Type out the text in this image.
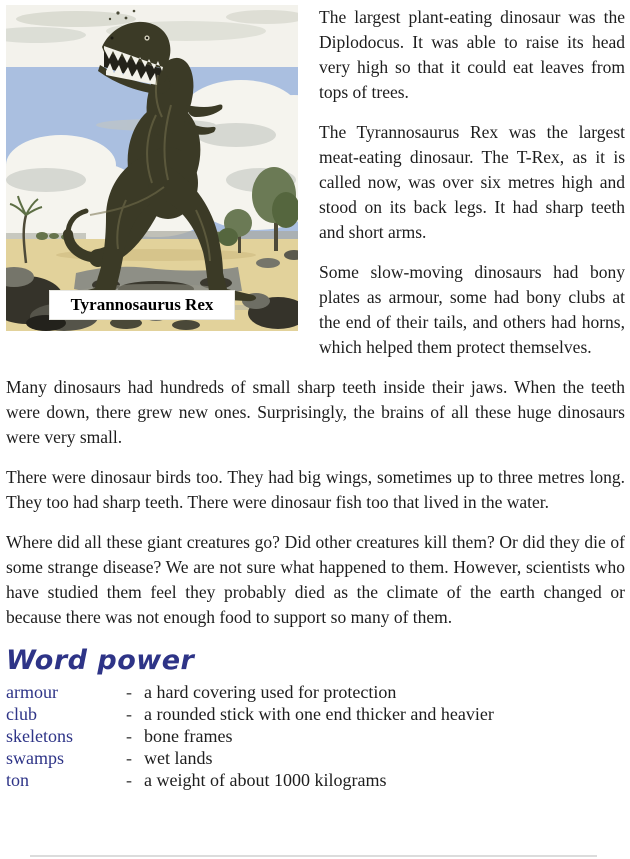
Tyrannosaurus Rex

The largest plant-eating dinosaur was the Diplodocus. It was able to raise its head very high so that it could eat leaves from tops of trees.

The Tyrannosaurus Rex was the largest meat-eating dinosaur. The T-Rex, as it is called now, was over six metres high and stood on its back legs. It had sharp teeth and short arms.

Some slow-moving dinosaurs had bony plates as armour, some had bony clubs at the end of their tails, and others had horns, which helped them protect themselves.

Many dinosaurs had hundreds of small sharp teeth inside their jaws. When the teeth were down, there grew new ones. Surprisingly, the brains of all these huge dinosaurs were very small.

There were dinosaur birds too. They had big wings, sometimes up to three metres long. They too had sharp teeth. There were dinosaur fish too that lived in the water.

Where did all these giant creatures go? Did other creatures kill them? Or did they die of some strange disease? We are not sure what happened to them. However, scientists who have studied them feel they probably died as the climate of the earth changed or because there was not enough food to support so many of them.

Word power
armour	- a hard covering used for protection
club	- a rounded stick with one end thicker and heavier
skeletons	- bone frames
swamps	- wet lands
ton	- a weight of about 1000 kilograms
